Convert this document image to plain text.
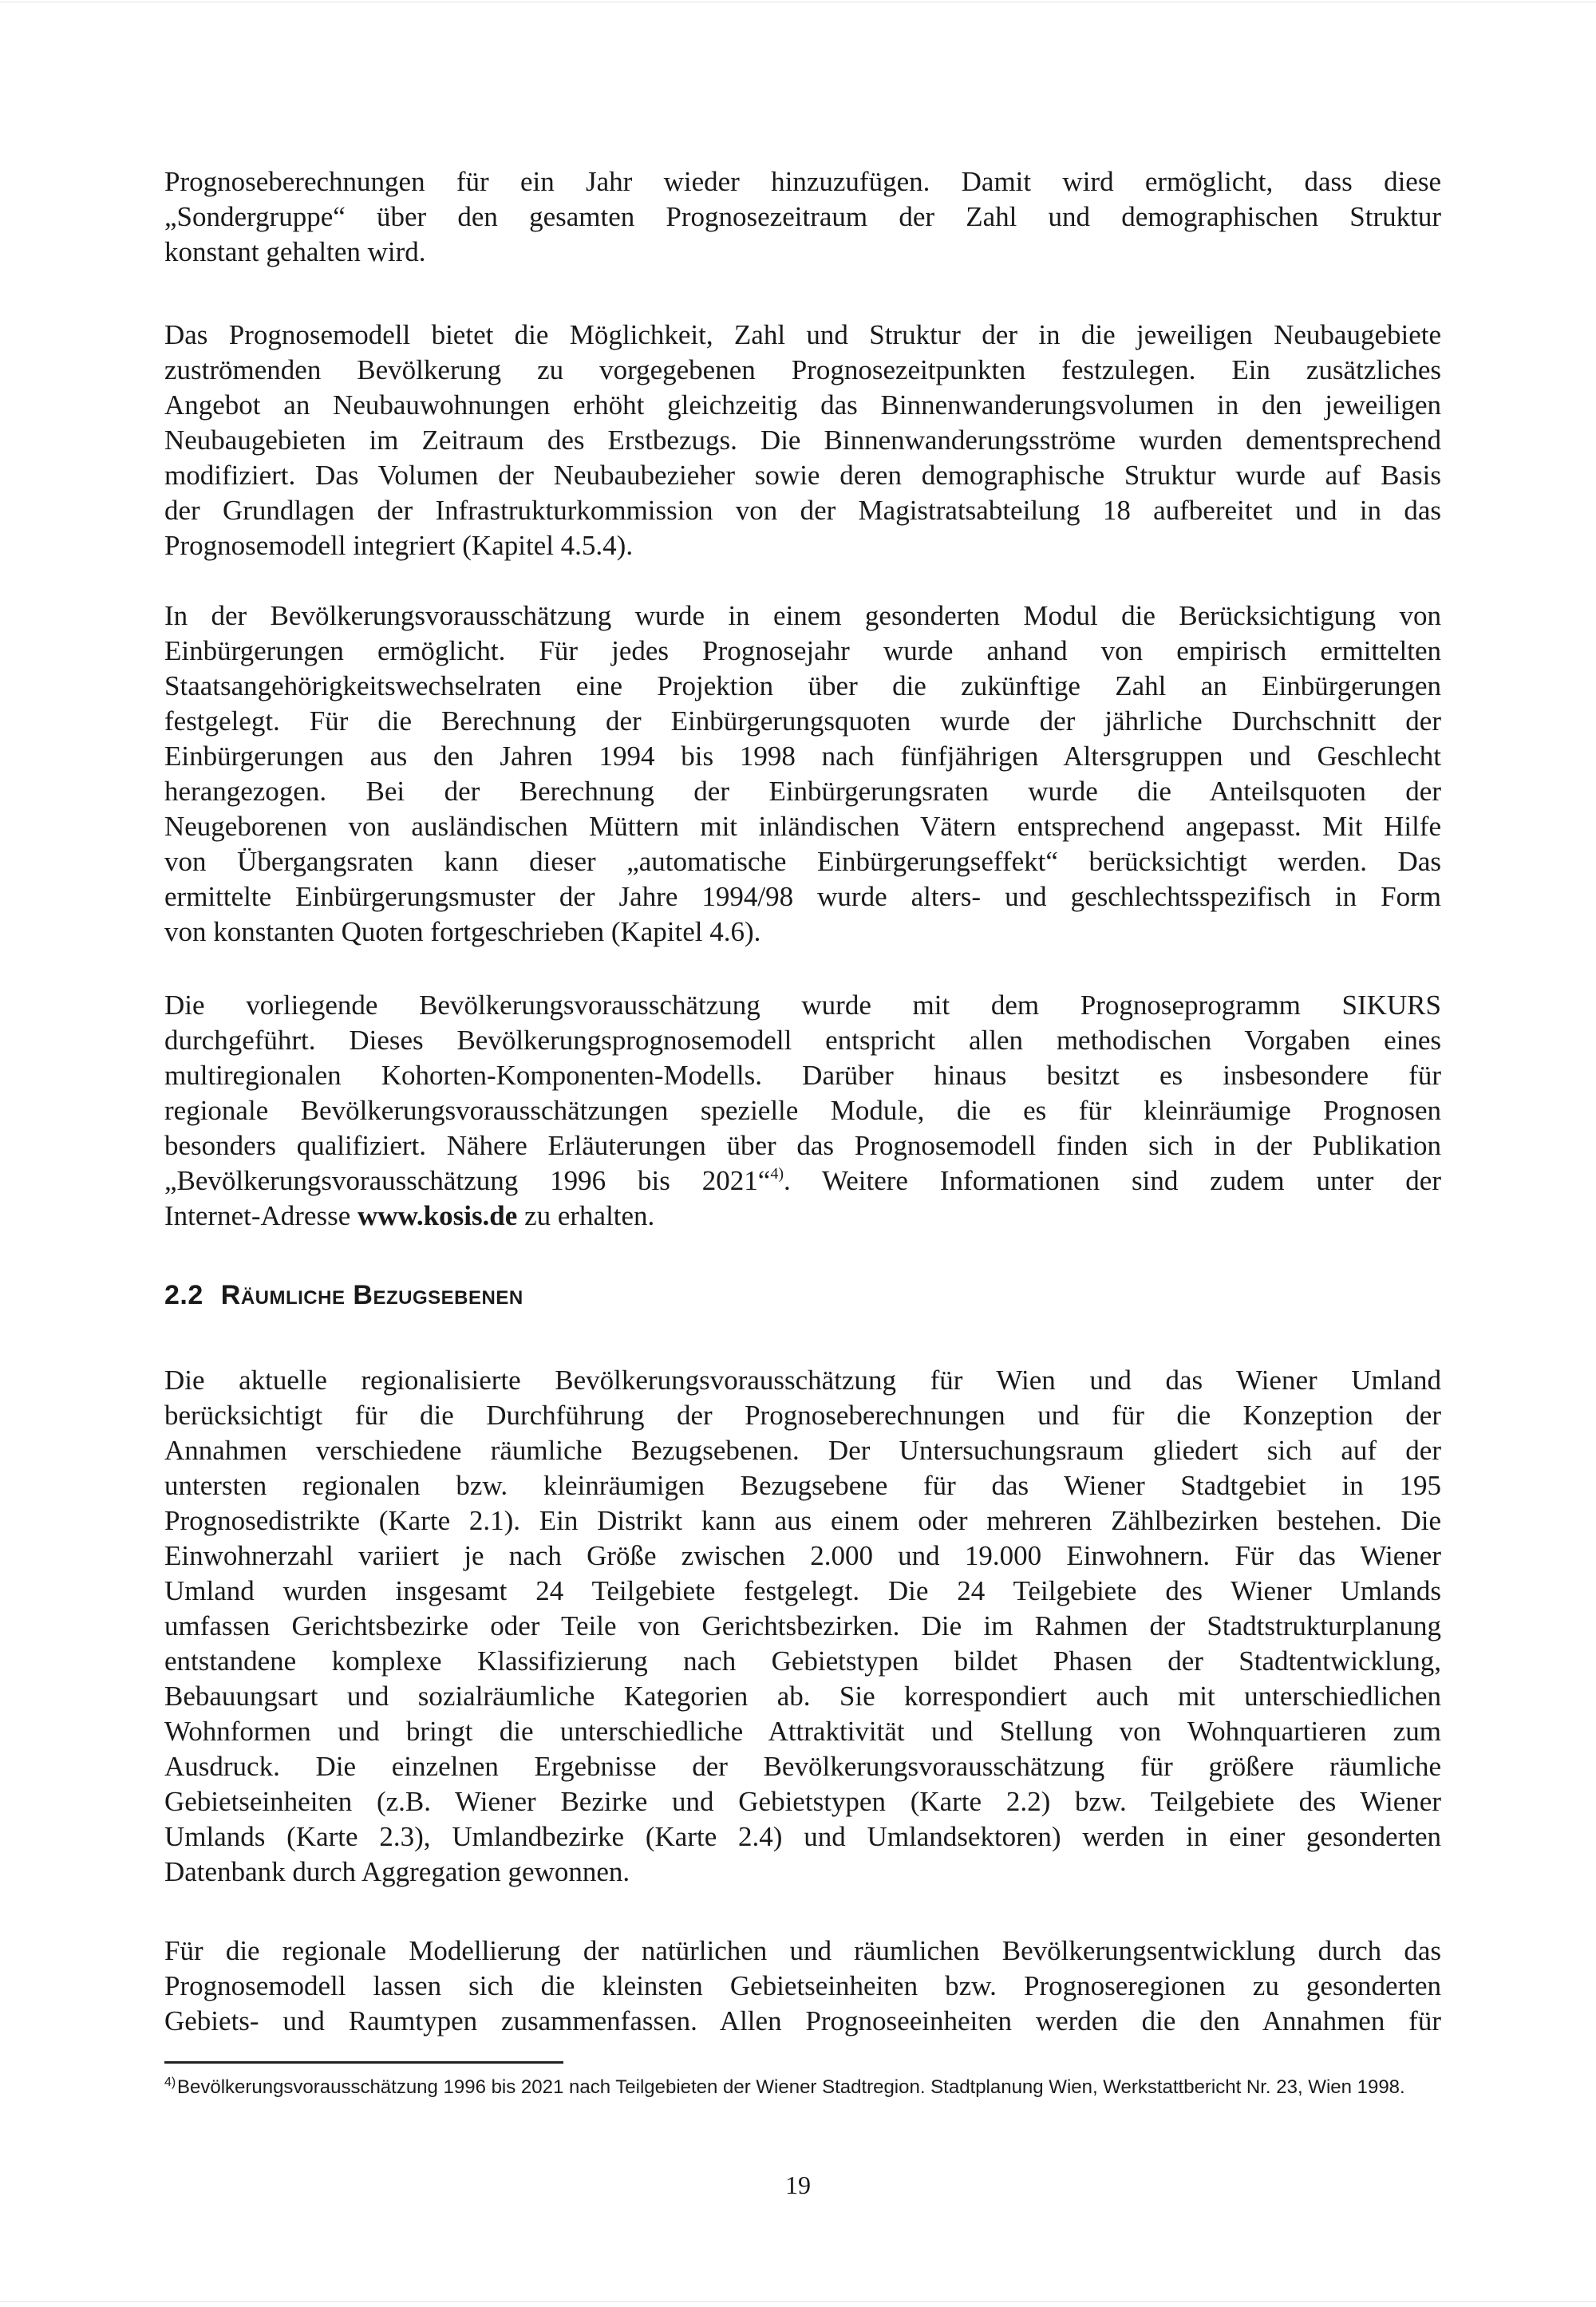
Prognoseberechnungen für ein Jahr wieder hinzuzufügen. Damit wird ermöglicht, dass diese
„Sondergruppe“ über den gesamten Prognosezeitraum der Zahl und demographischen Struktur
konstant gehalten wird.
Das Prognosemodell bietet die Möglichkeit, Zahl und Struktur der in die jeweiligen Neubaugebiete
zuströmenden Bevölkerung zu vorgegebenen Prognosezeitpunkten festzulegen. Ein zusätzliches
Angebot an Neubauwohnungen erhöht gleichzeitig das Binnenwanderungsvolumen in den jeweiligen
Neubaugebieten im Zeitraum des Erstbezugs. Die Binnenwanderungsströme wurden dementsprechend
modifiziert. Das Volumen der Neubaubezieher sowie deren demographische Struktur wurde auf Basis
der Grundlagen der Infrastrukturkommission von der Magistratsabteilung 18 aufbereitet und in das
Prognosemodell integriert (Kapitel 4.5.4).
In der Bevölkerungsvorausschätzung wurde in einem gesonderten Modul die Berücksichtigung von
Einbürgerungen ermöglicht. Für jedes Prognosejahr wurde anhand von empirisch ermittelten
Staatsangehörigkeitswechselraten eine Projektion über die zukünftige Zahl an Einbürgerungen
festgelegt. Für die Berechnung der Einbürgerungsquoten wurde der jährliche Durchschnitt der
Einbürgerungen aus den Jahren 1994 bis 1998 nach fünfjährigen Altersgruppen und Geschlecht
herangezogen. Bei der Berechnung der Einbürgerungsraten wurde die Anteilsquoten der
Neugeborenen von ausländischen Müttern mit inländischen Vätern entsprechend angepasst. Mit Hilfe
von Übergangsraten kann dieser „automatische Einbürgerungseffekt“ berücksichtigt werden. Das
ermittelte Einbürgerungsmuster der Jahre 1994/98 wurde alters- und geschlechtsspezifisch in Form
von konstanten Quoten fortgeschrieben (Kapitel 4.6).
Die vorliegende Bevölkerungsvorausschätzung wurde mit dem Prognoseprogramm SIKURS
durchgeführt. Dieses Bevölkerungsprognosemodell entspricht allen methodischen Vorgaben eines
multiregionalen Kohorten-Komponenten-Modells. Darüber hinaus besitzt es insbesondere für
regionale Bevölkerungsvorausschätzungen spezielle Module, die es für kleinräumige Prognosen
besonders qualifiziert. Nähere Erläuterungen über das Prognosemodell finden sich in der Publikation
„Bevölkerungsvorausschätzung 1996 bis 2021“$^{4)}$. Weitere Informationen sind zudem unter der
Internet-Adresse www.kosis.de zu erhalten.
Die aktuelle regionalisierte Bevölkerungsvorausschätzung für Wien und das Wiener Umland
berücksichtigt für die Durchführung der Prognoseberechnungen und für die Konzeption der
Annahmen verschiedene räumliche Bezugsebenen. Der Untersuchungsraum gliedert sich auf der
untersten regionalen bzw. kleinräumigen Bezugsebene für das Wiener Stadtgebiet in 195
Prognosedistrikte (Karte 2.1). Ein Distrikt kann aus einem oder mehreren Zählbezirken bestehen. Die
Einwohnerzahl variiert je nach Größe zwischen 2.000 und 19.000 Einwohnern. Für das Wiener
Umland wurden insgesamt 24 Teilgebiete festgelegt. Die 24 Teilgebiete des Wiener Umlands
umfassen Gerichtsbezirke oder Teile von Gerichtsbezirken. Die im Rahmen der Stadtstrukturplanung
entstandene komplexe Klassifizierung nach Gebietstypen bildet Phasen der Stadtentwicklung,
Bebauungsart und sozialräumliche Kategorien ab. Sie korrespondiert auch mit unterschiedlichen
Wohnformen und bringt die unterschiedliche Attraktivität und Stellung von Wohnquartieren zum
Ausdruck. Die einzelnen Ergebnisse der Bevölkerungsvorausschätzung für größere räumliche
Gebietseinheiten (z.B. Wiener Bezirke und Gebietstypen (Karte 2.2) bzw. Teilgebiete des Wiener
Umlands (Karte 2.3), Umlandbezirke (Karte 2.4) und Umlandsektoren) werden in einer gesonderten
Datenbank durch Aggregation gewonnen.
Für die regionale Modellierung der natürlichen und räumlichen Bevölkerungsentwicklung durch das
Prognosemodell lassen sich die kleinsten Gebietseinheiten bzw. Prognoseregionen zu gesonderten
Gebiets- und Raumtypen zusammenfassen. Allen Prognoseeinheiten werden die den Annahmen für
2.2 Räumliche Bezugsebenen
4) Bevölkerungsvorausschätzung 1996 bis 2021 nach Teilgebieten der Wiener Stadtregion. Stadtplanung Wien, Werkstattbericht Nr. 23, Wien 1998.
19
